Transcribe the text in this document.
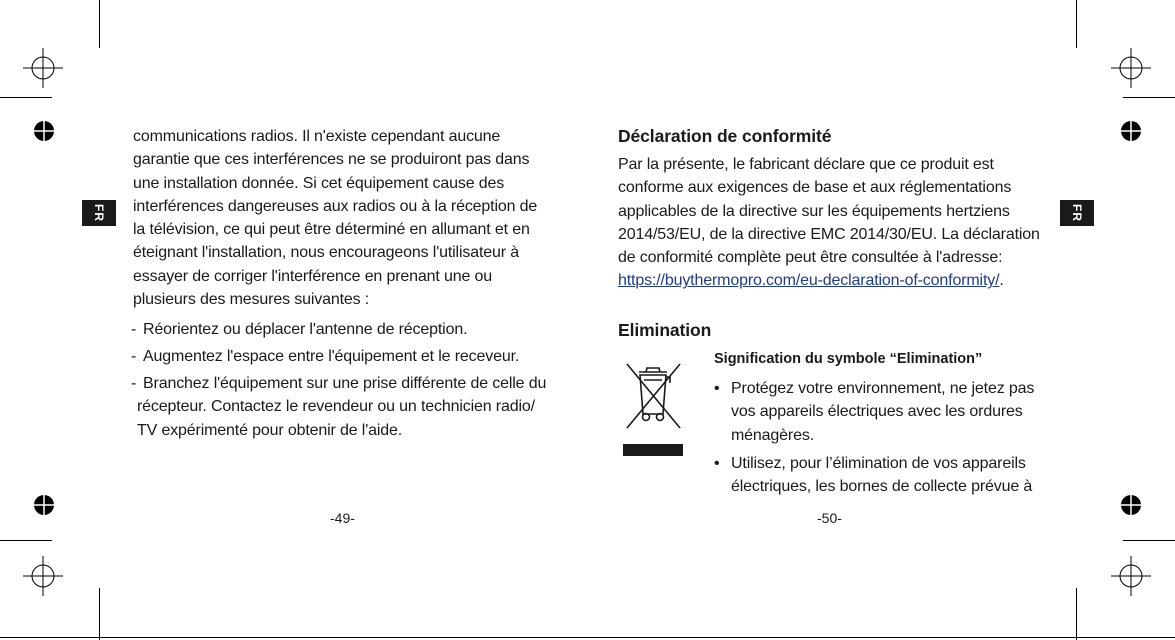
FR	FR
communications radios. Il n'existe cependant aucune
garantie que ces interférences ne se produiront pas dans
une installation donnée. Si cet équipement cause des
interférences dangereuses aux radios ou à la réception de
la télévision, ce qui peut être déterminé en allumant et en
éteignant l'installation, nous encourageons l'utilisateur à
essayer de corriger l'interférence en prenant une ou
plusieurs des mesures suivantes :
- Réorientez ou déplacer l'antenne de réception.
- Augmentez l'espace entre l'équipement et le receveur.
- Branchez l'équipement sur une prise différente de celle du
récepteur. Contactez le revendeur ou un technicien radio/
TV expérimenté pour obtenir de l'aide.
-49-
Déclaration de conformité
Par la présente, le fabricant déclare que ce produit est
conforme aux exigences de base et aux réglementations
applicables de la directive sur les équipements hertziens
2014/53/EU, de la directive EMC 2014/30/EU. La déclaration
de conformité complète peut être consultée à l'adresse:
https://buythermopro.com/eu-declaration-of-conformity/.
Elimination
Signification du symbole “Elimination”
• Protégez votre environnement, ne jetez pas
vos appareils électriques avec les ordures
ménagères.
• Utilisez, pour l’élimination de vos appareils
électriques, les bornes de collecte prévue à
-50-
